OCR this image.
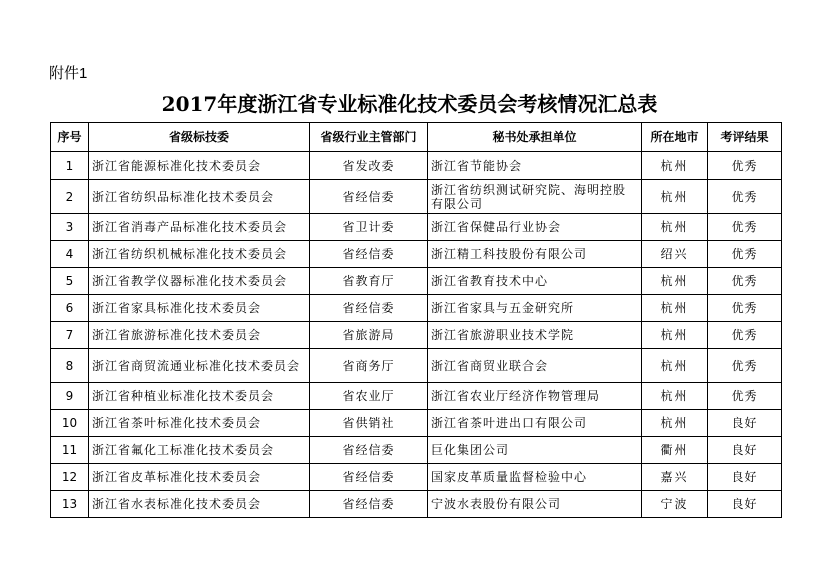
附件1
2017年度浙江省专业标准化技术委员会考核情况汇总表
序号	省级标技委	省级行业主管部门	秘书处承担单位	所在地市	考评结果
1	浙江省能源标准化技术委员会	省发改委	浙江省节能协会	杭州	优秀
2	浙江省纺织品标准化技术委员会	省经信委	浙江省纺织测试研究院、海明控股有限公司	杭州	优秀
3	浙江省消毒产品标准化技术委员会	省卫计委	浙江省保健品行业协会	杭州	优秀
4	浙江省纺织机械标准化技术委员会	省经信委	浙江精工科技股份有限公司	绍兴	优秀
5	浙江省教学仪器标准化技术委员会	省教育厅	浙江省教育技术中心	杭州	优秀
6	浙江省家具标准化技术委员会	省经信委	浙江省家具与五金研究所	杭州	优秀
7	浙江省旅游标准化技术委员会	省旅游局	浙江省旅游职业技术学院	杭州	优秀
8	浙江省商贸流通业标准化技术委员会	省商务厅	浙江省商贸业联合会	杭州	优秀
9	浙江省种植业标准化技术委员会	省农业厅	浙江省农业厅经济作物管理局	杭州	优秀
10	浙江省茶叶标准化技术委员会	省供销社	浙江省茶叶进出口有限公司	杭州	良好
11	浙江省氟化工标准化技术委员会	省经信委	巨化集团公司	衢州	良好
12	浙江省皮革标准化技术委员会	省经信委	国家皮革质量监督检验中心	嘉兴	良好
13	浙江省水表标准化技术委员会	省经信委	宁波水表股份有限公司	宁波	良好
